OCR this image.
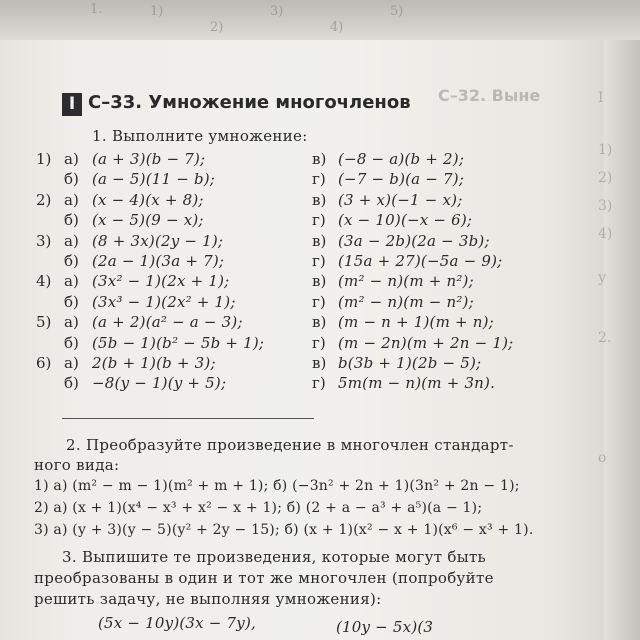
1.	1)
2)
3)
4)
5)
I
1)
2)
3)
4)
у
2.
о
С–32. Выне
I С–33. Умножение многочленов
1. Выполните умножение:
1) а) (a + 3)(b − 7);
б) (a − 5)(11 − b);
2) а) (x − 4)(x + 8);
б) (x − 5)(9 − x);
3) а) (8 + 3x)(2y − 1);
б) (2a − 1)(3a + 7);
4) а) (3x² − 1)(2x + 1);
б) (3x³ − 1)(2x² + 1);
5) а) (a + 2)(a² − a − 3);
б) (5b − 1)(b² − 5b + 1);
6) а) 2(b + 1)(b + 3);
б) −8(y − 1)(y + 5);
в) (−8 − a)(b + 2);
г) (−7 − b)(a − 7);
в) (3 + x)(−1 − x);
г) (x − 10)(−x − 6);
в) (3a − 2b)(2a − 3b);
г) (15a + 27)(−5a − 9);
в) (m² − n)(m + n²);
г) (m² − n)(m − n²);
в) (m − n + 1)(m + n);
г) (m − 2n)(m + 2n − 1);
в) b(3b + 1)(2b − 5);
г) 5m(m − n)(m + 3n).
2. Преобразуйте произведение в многочлен стандарт-
ного вида:
1) а) (m² − m − 1)(m² + m + 1); б) (−3n² + 2n + 1)(3n² + 2n − 1);
2) а) (x + 1)(x⁴ − x³ + x² − x + 1); б) (2 + a − a³ + a⁵)(a − 1);
3) а) (y + 3)(y − 5)(y² + 2y − 15); б) (x + 1)(x² − x + 1)(x⁶ − x³ + 1).
3. Выпишите те произведения, которые могут быть
преобразованы в один и тот же многочлен (попробуйте
решить задачу, не выполняя умножения):
(5x − 10y)(3x − 7y),	(10y − 5x)(3
